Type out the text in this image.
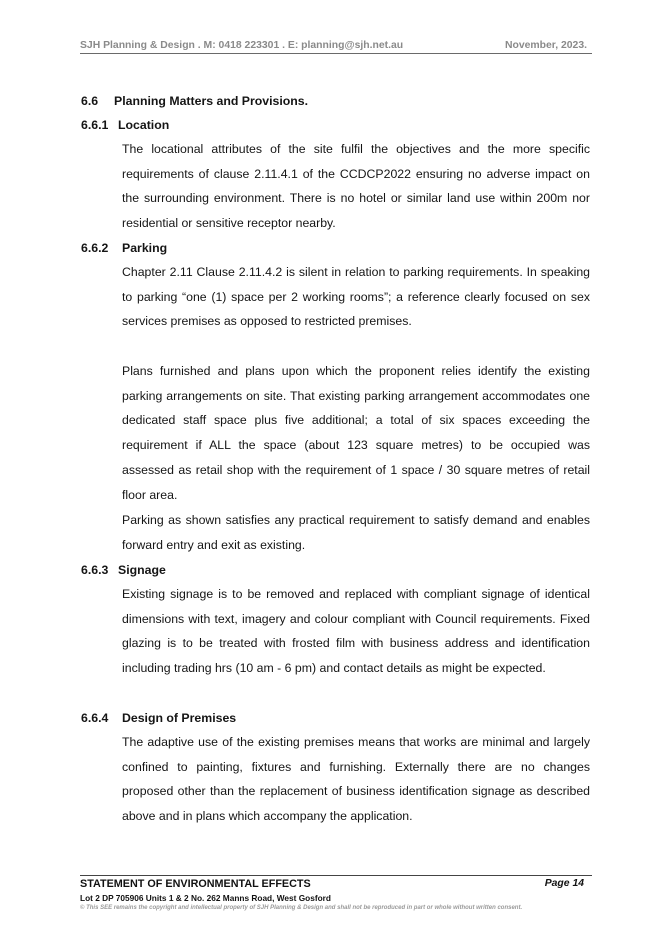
SJH Planning & Design . M: 0418 223301 . E: planning@sjh.net.au	November, 2023.
6.6 Planning Matters and Provisions.
6.6.1 Location

The locational attributes of the site fulfil the objectives and the more specific requirements of clause 2.11.4.1 of the CCDCP2022 ensuring no adverse impact on the surrounding environment. There is no hotel or similar land use within 200m nor residential or sensitive receptor nearby.

6.6.2 Parking

Chapter 2.11 Clause 2.11.4.2 is silent in relation to parking requirements. In speaking to parking “one (1) space per 2 working rooms”; a reference clearly focused on sex services premises as opposed to restricted premises.

Plans furnished and plans upon which the proponent relies identify the existing parking arrangements on site. That existing parking arrangement accommodates one dedicated staff space plus five additional; a total of six spaces exceeding the requirement if ALL the space (about 123 square metres) to be occupied was assessed as retail shop with the requirement of 1 space / 30 square metres of retail floor area.

Parking as shown satisfies any practical requirement to satisfy demand and enables forward entry and exit as existing.

6.6.3 Signage

Existing signage is to be removed and replaced with compliant signage of identical dimensions with text, imagery and colour compliant with Council requirements. Fixed glazing is to be treated with frosted film with business address and identification including trading hrs (10 am - 6 pm) and contact details as might be expected.

6.6.4 Design of Premises

The adaptive use of the existing premises means that works are minimal and largely confined to painting, fixtures and furnishing. Externally there are no changes proposed other than the replacement of business identification signage as described above and in plans which accompany the application.

STATEMENT OF ENVIRONMENTAL EFFECTS	Page 14
Lot 2 DP 705906 Units 1 & 2 No. 262 Manns Road, West Gosford
© This SEE remains the copyright and intellectual property of SJH Planning & Design and shall not be reproduced in part or whole without written consent.
